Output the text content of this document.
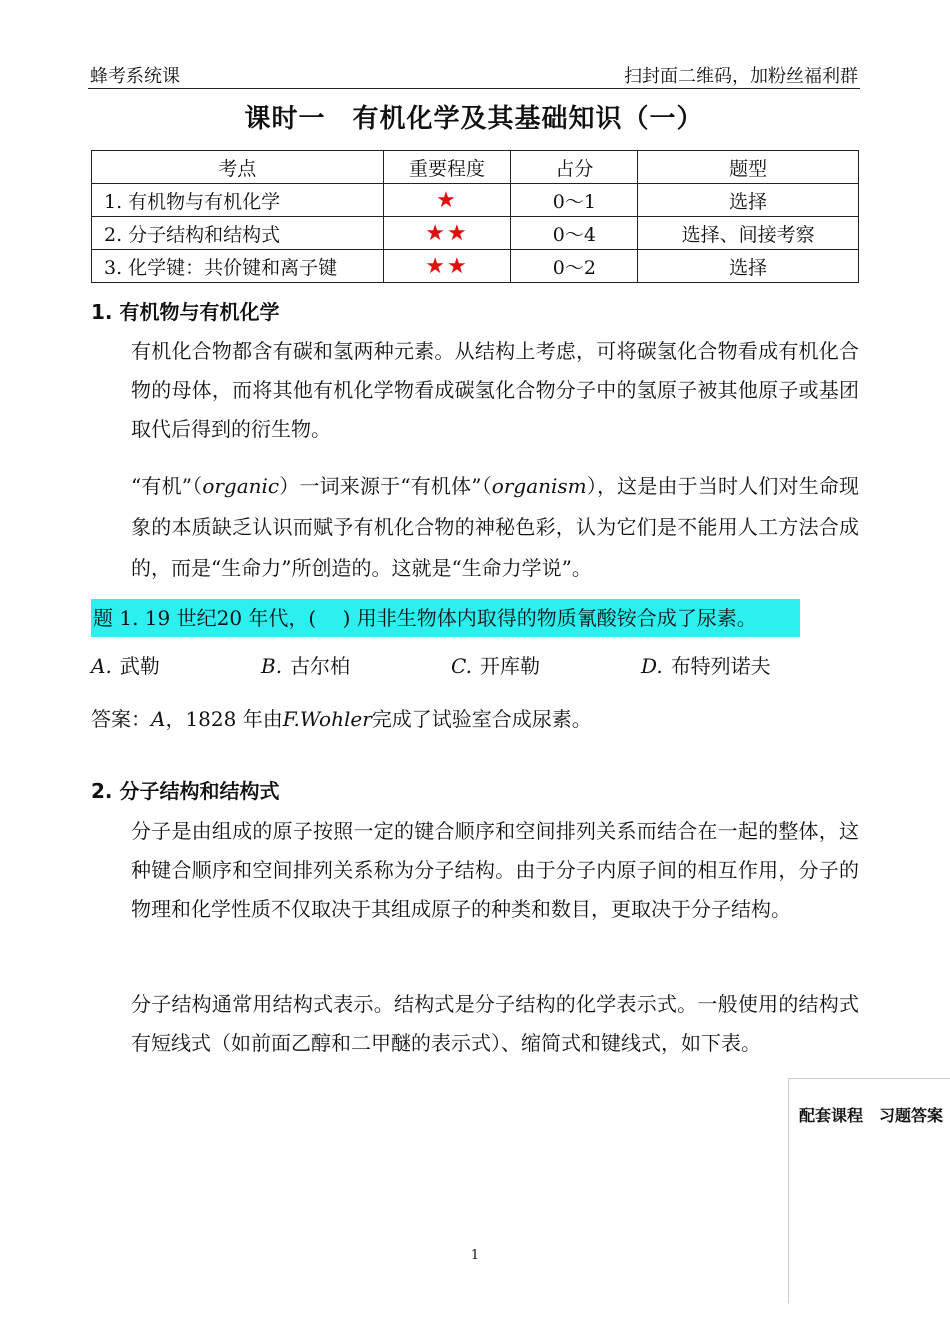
蜂考系统课	扫封面二维码，加粉丝福利群
课时一　有机化学及其基础知识（一）
考点	重要程度	占分	题型
1. 有机物与有机化学	★	0～1	选择
2. 分子结构和结构式	★★	0～4	选择、间接考察
3. 化学键：共价键和离子键	★★	0～2	选择
1. 有机物与有机化学
有机化合物都含有碳和氢两种元素。从结构上考虑，可将碳氢化合物看成有机化合物的母体，而将其他有机化学物看成碳氢化合物分子中的氢原子被其他原子或基团取代后得到的衍生物。
“有机”（organic）一词来源于“有机体”（organism），这是由于当时人们对生命现象的本质缺乏认识而赋予有机化合物的神秘色彩，认为它们是不能用人工方法合成的，而是“生命力”所创造的。这就是“生命力学说”。
题 1. 19 世纪20 年代，(　 ) 用非生物体内取得的物质氰酸铵合成了尿素。
A. 武勒	B. 古尔柏	C. 开库勒	D. 布特列诺夫
答案：A，1828 年由F.Wohler完成了试验室合成尿素。
2. 分子结构和结构式
分子是由组成的原子按照一定的键合顺序和空间排列关系而结合在一起的整体，这种键合顺序和空间排列关系称为分子结构。由于分子内原子间的相互作用，分子的物理和化学性质不仅取决于其组成原子的种类和数目，更取决于分子结构。
分子结构通常用结构式表示。结构式是分子结构的化学表示式。一般使用的结构式有短线式（如前面乙醇和二甲醚的表示式）、缩简式和键线式，如下表。
配套课程　习题答案
1
